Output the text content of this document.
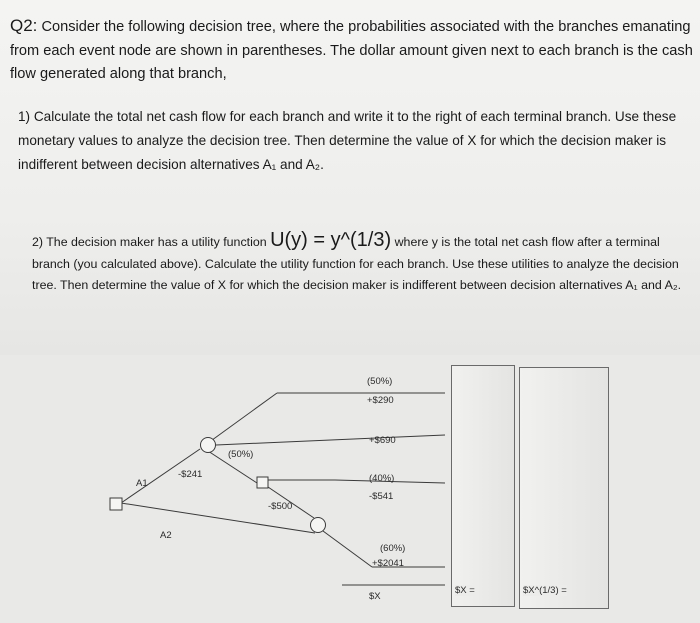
Q2: Consider the following decision tree, where the probabilities associated with the branches emanating from each event node are shown in parentheses. The dollar amount given next to each branch is the cash flow generated along that branch,
1) Calculate the total net cash flow for each branch and write it to the right of each terminal branch. Use these monetary values to analyze the decision tree. Then determine the value of X for which the decision maker is indifferent between decision alternatives A₁ and A₂.
2) The decision maker has a utility function U(y) = y^(1/3) where y is the total net cash flow after a terminal branch (you calculated above). Calculate the utility function for each branch. Use these utilities to analyze the decision tree. Then determine the value of X for which the decision maker is indifferent between decision alternatives A₁ and A₂.
(50%)
+$290
+$690
(50%)
-$241
A1	(40%)
-$541
-$500
A2
(60%)
+$2041
$X
$X =	$X^(1/3) =
